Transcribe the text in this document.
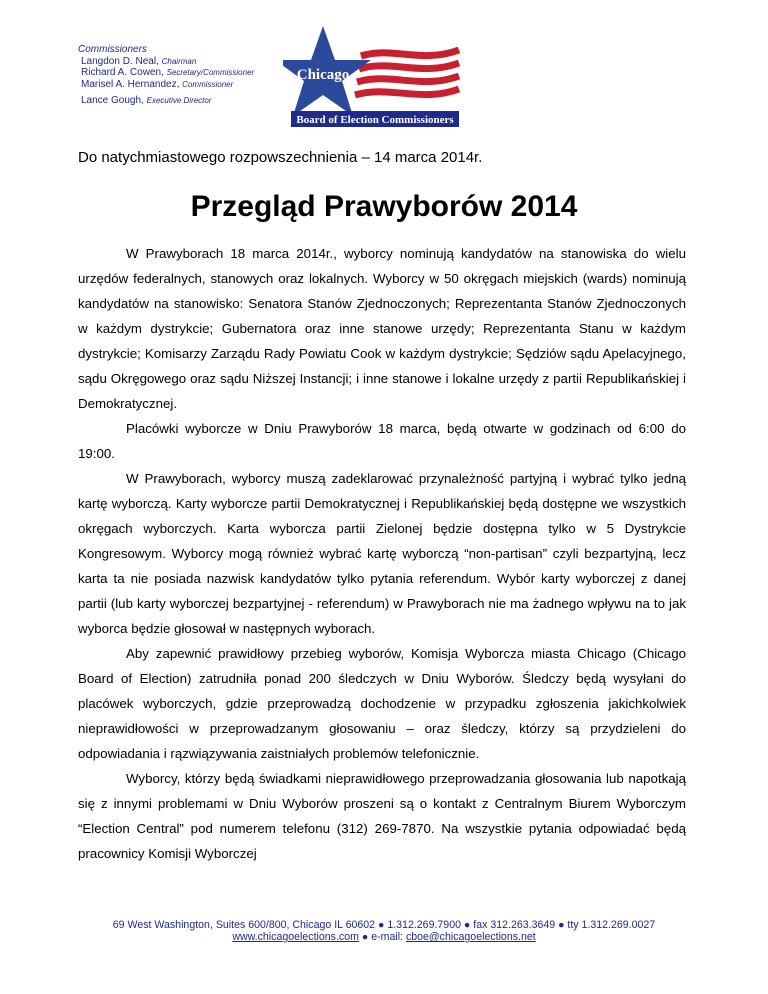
Commissioners
Langdon D. Neal, Chairman
Richard A. Cowen, Secretary/Commissioner
Marisel A. Hernandez, Commissioner
Lance Gough, Executive Director
Chicago
Board of Election Commissioners
Do natychmiastowego rozpowszechnienia – 14 marca 2014r.
Przegląd Prawyborów 2014

W Prawyborach 18 marca 2014r., wyborcy nominują kandydatów na stanowiska do wielu urzędów federalnych, stanowych oraz lokalnych. Wyborcy w 50 okręgach miejskich (wards) nominują kandydatów na stanowisko: Senatora Stanów Zjednoczonych; Reprezentanta Stanów Zjednoczonych w każdym dystrykcie; Gubernatora oraz inne stanowe urzędy; Reprezentanta Stanu w każdym dystrykcie; Komisarzy Zarządu Rady Powiatu Cook w każdym dystrykcie; Sędziów sądu Apelacyjnego, sądu Okręgowego oraz sądu Niższej Instancji; i inne stanowe i lokalne urzędy z partii Republikańskiej i Demokratycznej.

Placówki wyborcze w Dniu Prawyborów 18 marca, będą otwarte w godzinach od 6:00 do 19:00.

W Prawyborach, wyborcy muszą zadeklarować przynależność partyjną i wybrać tylko jedną kartę wyborczą. Karty wyborcze partii Demokratycznej i Republikańskiej będą dostępne we wszystkich okręgach wyborczych. Karta wyborcza partii Zielonej będzie dostępna tylko w 5 Dystrykcie Kongresowym. Wyborcy mogą również wybrać kartę wyborczą “non-partisan” czyli bezpartyjną, lecz karta ta nie posiada nazwisk kandydatów tylko pytania referendum. Wybór karty wyborczej z danej partii (lub karty wyborczej bezpartyjnej - referendum) w Prawyborach nie ma żadnego wpływu na to jak wyborca będzie głosował w następnych wyborach.

Aby zapewnić prawidłowy przebieg wyborów, Komisja Wyborcza miasta Chicago (Chicago Board of Election) zatrudniła ponad 200 śledczych w Dniu Wyborów. Śledczy będą wysyłani do placówek wyborczych, gdzie przeprowadzą dochodzenie w przypadku zgłoszenia jakichkolwiek nieprawidłowości w przeprowadzanym głosowaniu – oraz śledczy, którzy są przydzieleni do odpowiadania i rązwiązywania zaistniałych problemów telefonicznie.

Wyborcy, którzy będą świadkami nieprawidłowego przeprowadzania głosowania lub napotkają się z innymi problemami w Dniu Wyborów proszeni są o kontakt z Centralnym Biurem Wyborczym “Election Central” pod numerem telefonu (312) 269-7870. Na wszystkie pytania odpowiadać będą pracownicy Komisji Wyborczej

69 West Washington, Suites 600/800, Chicago IL 60602 ● 1.312.269.7900 ● fax 312.263.3649 ● tty 1.312.269.0027
www.chicagoelections.com ● e-mail: cboe@chicagoelections.net
